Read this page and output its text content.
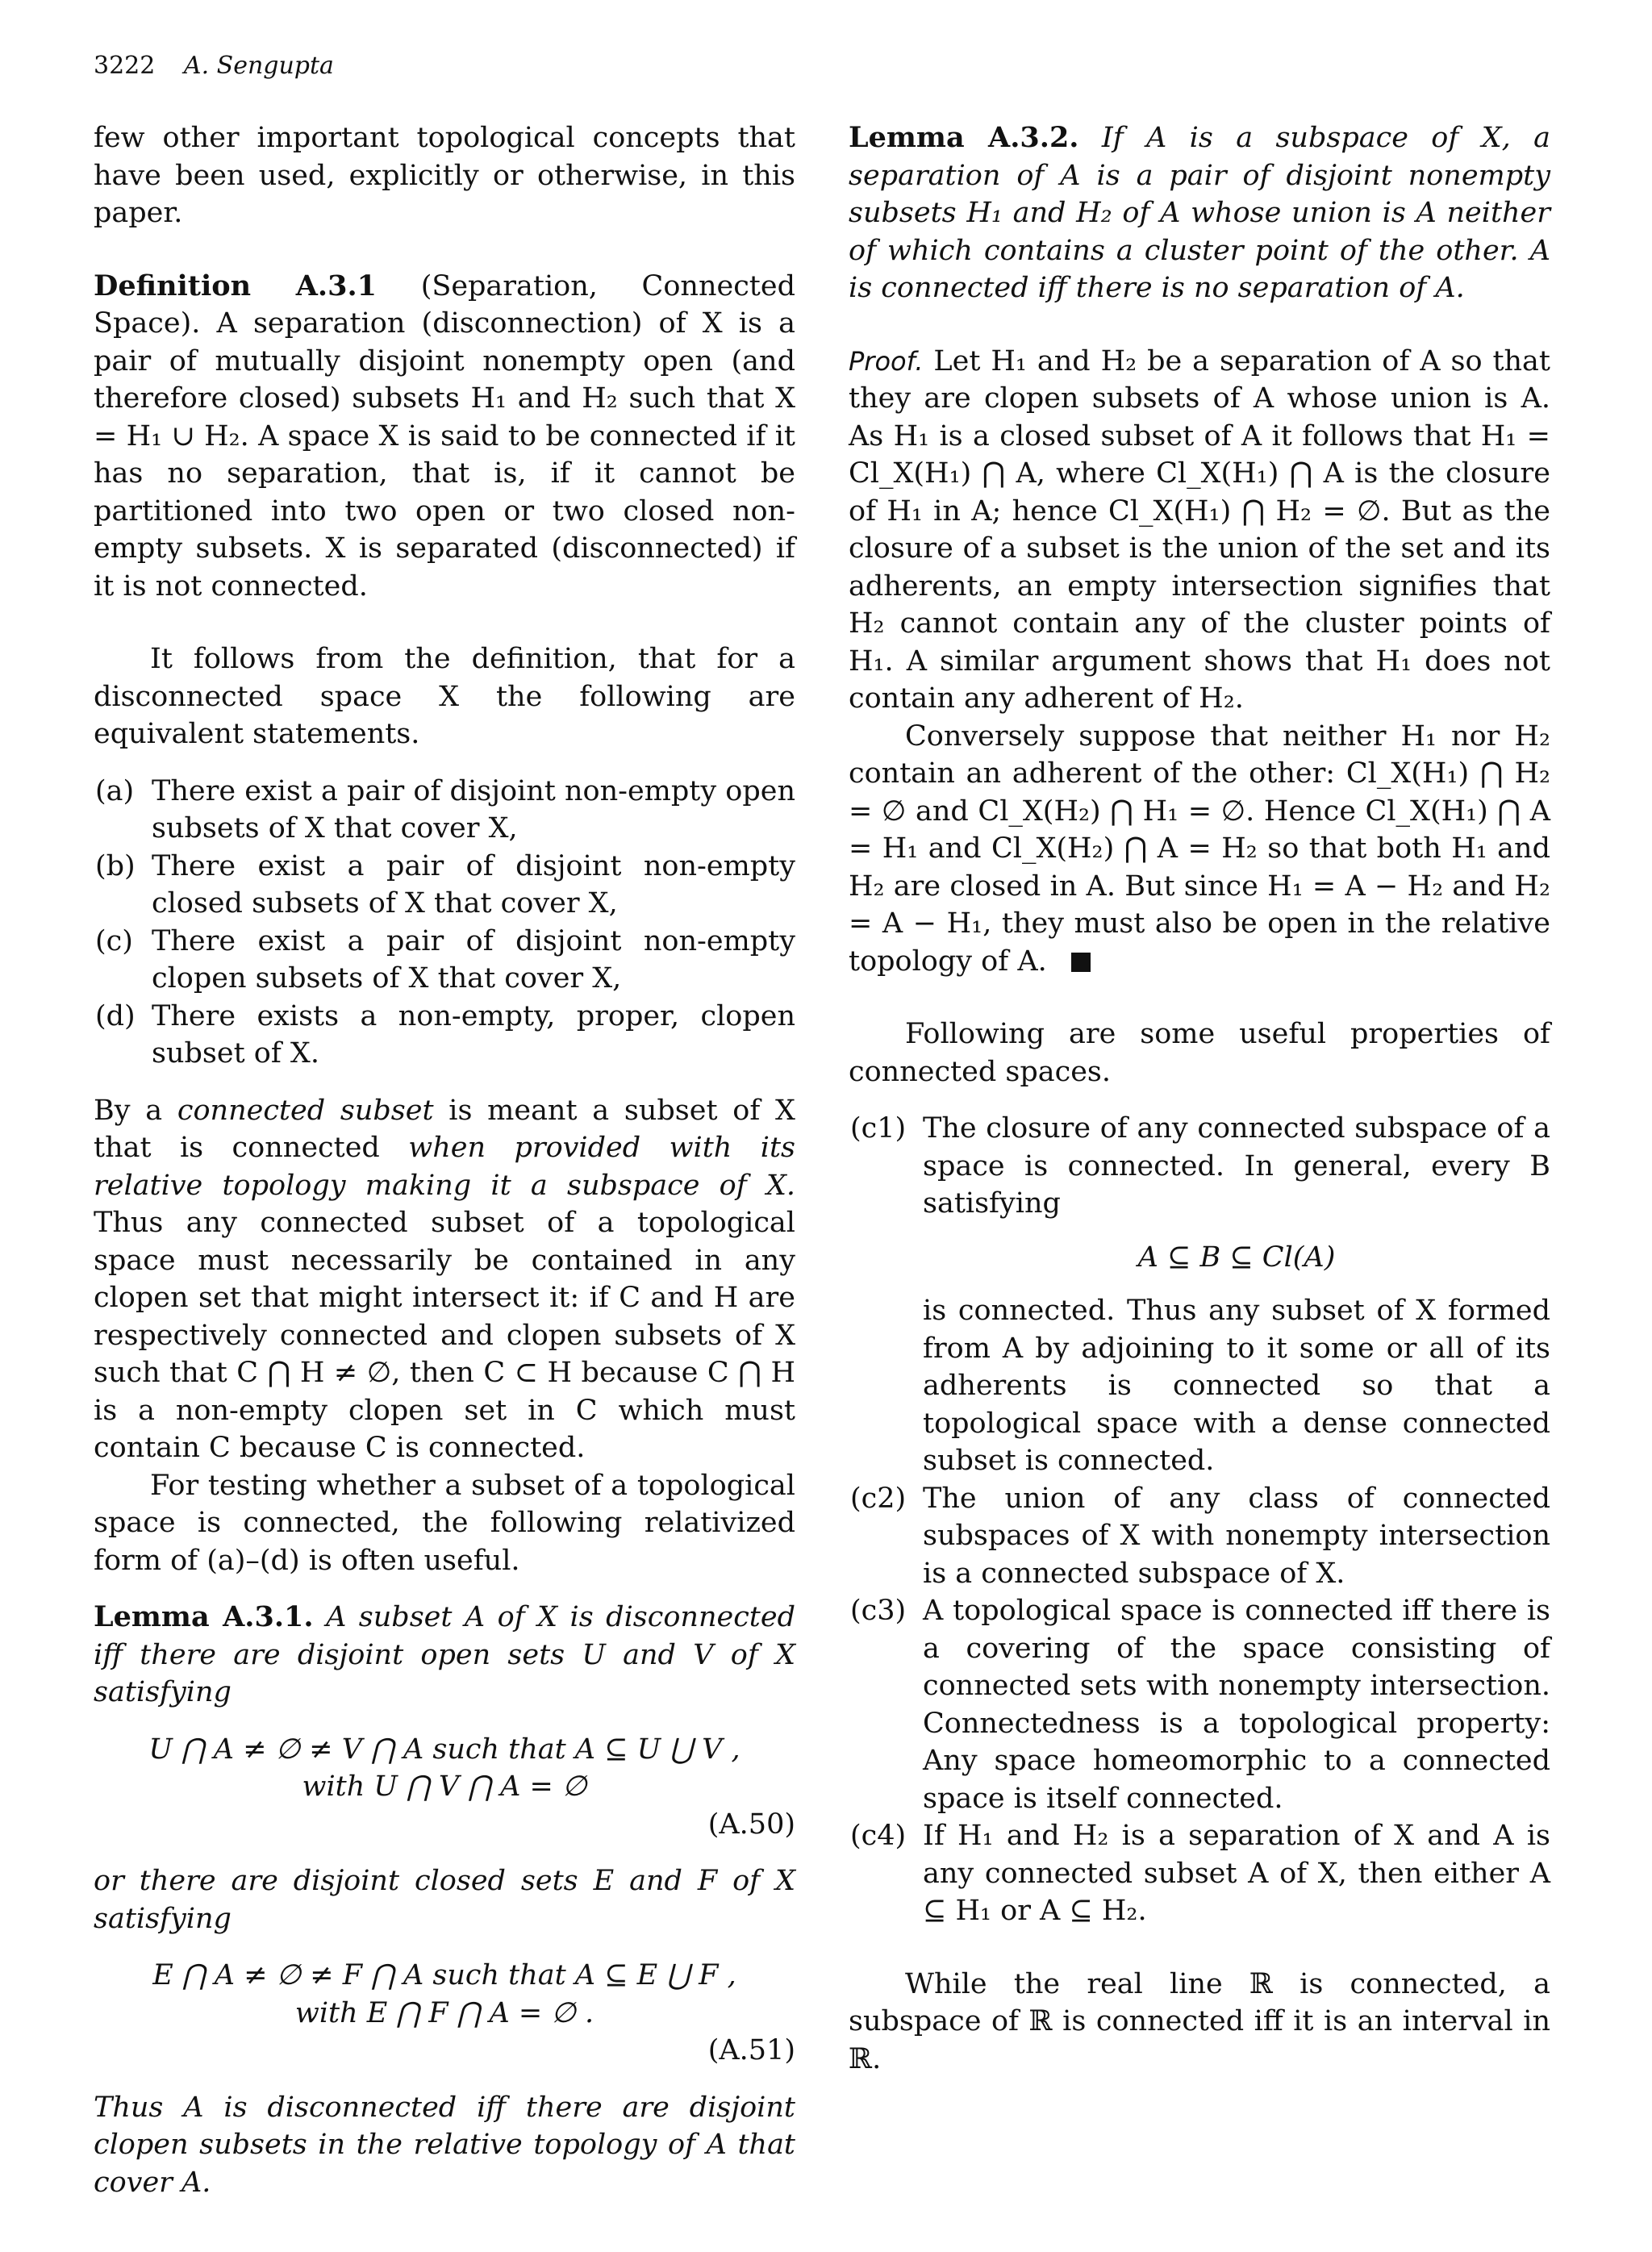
3222 A. Sengupta

few other important topological concepts that have been used, explicitly or otherwise, in this paper.

Definition A.3.1 (Separation, Connected Space). A separation (disconnection) of X is a pair of mutually disjoint nonempty open (and therefore closed) subsets H₁ and H₂ such that X = H₁ ∪ H₂. A space X is said to be connected if it has no separation, that is, if it cannot be partitioned into two open or two closed non-empty subsets. X is separated (disconnected) if it is not connected.

It follows from the definition, that for a disconnected space X the following are equivalent statements.

(a) There exist a pair of disjoint non-empty open subsets of X that cover X,
(b) There exist a pair of disjoint non-empty closed subsets of X that cover X,
(c) There exist a pair of disjoint non-empty clopen subsets of X that cover X,
(d) There exists a non-empty, proper, clopen subset of X.

By a connected subset is meant a subset of X that is connected when provided with its relative topology making it a subspace of X. Thus any connected subset of a topological space must necessarily be contained in any clopen set that might intersect it: if C and H are respectively connected and clopen subsets of X such that C ⋂ H ≠ ∅, then C ⊂ H because C ⋂ H is a non-empty clopen set in C which must contain C because C is connected.

For testing whether a subset of a topological space is connected, the following relativized form of (a)–(d) is often useful.

Lemma A.3.1. A subset A of X is disconnected iff there are disjoint open sets U and V of X satisfying

U ⋂ A ≠ ∅ ≠ V ⋂ A such that A ⊆ U ⋃ V ,
with U ⋂ V ⋂ A = ∅
(A.50)

or there are disjoint closed sets E and F of X satisfying

E ⋂ A ≠ ∅ ≠ F ⋂ A such that A ⊆ E ⋃ F ,
with E ⋂ F ⋂ A = ∅ .
(A.51)

Thus A is disconnected iff there are disjoint clopen subsets in the relative topology of A that cover A.

Lemma A.3.2. If A is a subspace of X, a separation of A is a pair of disjoint nonempty subsets H₁ and H₂ of A whose union is A neither of which contains a cluster point of the other. A is connected iff there is no separation of A.

Proof. Let H₁ and H₂ be a separation of A so that they are clopen subsets of A whose union is A. As H₁ is a closed subset of A it follows that H₁ = Cl_X(H₁) ⋂ A, where Cl_X(H₁) ⋂ A is the closure of H₁ in A; hence Cl_X(H₁) ⋂ H₂ = ∅. But as the closure of a subset is the union of the set and its adherents, an empty intersection signifies that H₂ cannot contain any of the cluster points of H₁. A similar argument shows that H₁ does not contain any adherent of H₂.

Conversely suppose that neither H₁ nor H₂ contain an adherent of the other: Cl_X(H₁) ⋂ H₂ = ∅ and Cl_X(H₂) ⋂ H₁ = ∅. Hence Cl_X(H₁) ⋂ A = H₁ and Cl_X(H₂) ⋂ A = H₂ so that both H₁ and H₂ are closed in A. But since H₁ = A − H₂ and H₂ = A − H₁, they must also be open in the relative topology of A.

Following are some useful properties of connected spaces.

(c1) The closure of any connected subspace of a space is connected. In general, every B satisfying
A ⊆ B ⊆ Cl(A)
is connected. Thus any subset of X formed from A by adjoining to it some or all of its adherents is connected so that a topological space with a dense connected subset is connected.
(c2) The union of any class of connected subspaces of X with nonempty intersection is a connected subspace of X.
(c3) A topological space is connected iff there is a covering of the space consisting of connected sets with nonempty intersection. Connectedness is a topological property: Any space homeomorphic to a connected space is itself connected.
(c4) If H₁ and H₂ is a separation of X and A is any connected subset A of X, then either A ⊆ H₁ or A ⊆ H₂.

While the real line ℝ is connected, a subspace of ℝ is connected iff it is an interval in ℝ.
